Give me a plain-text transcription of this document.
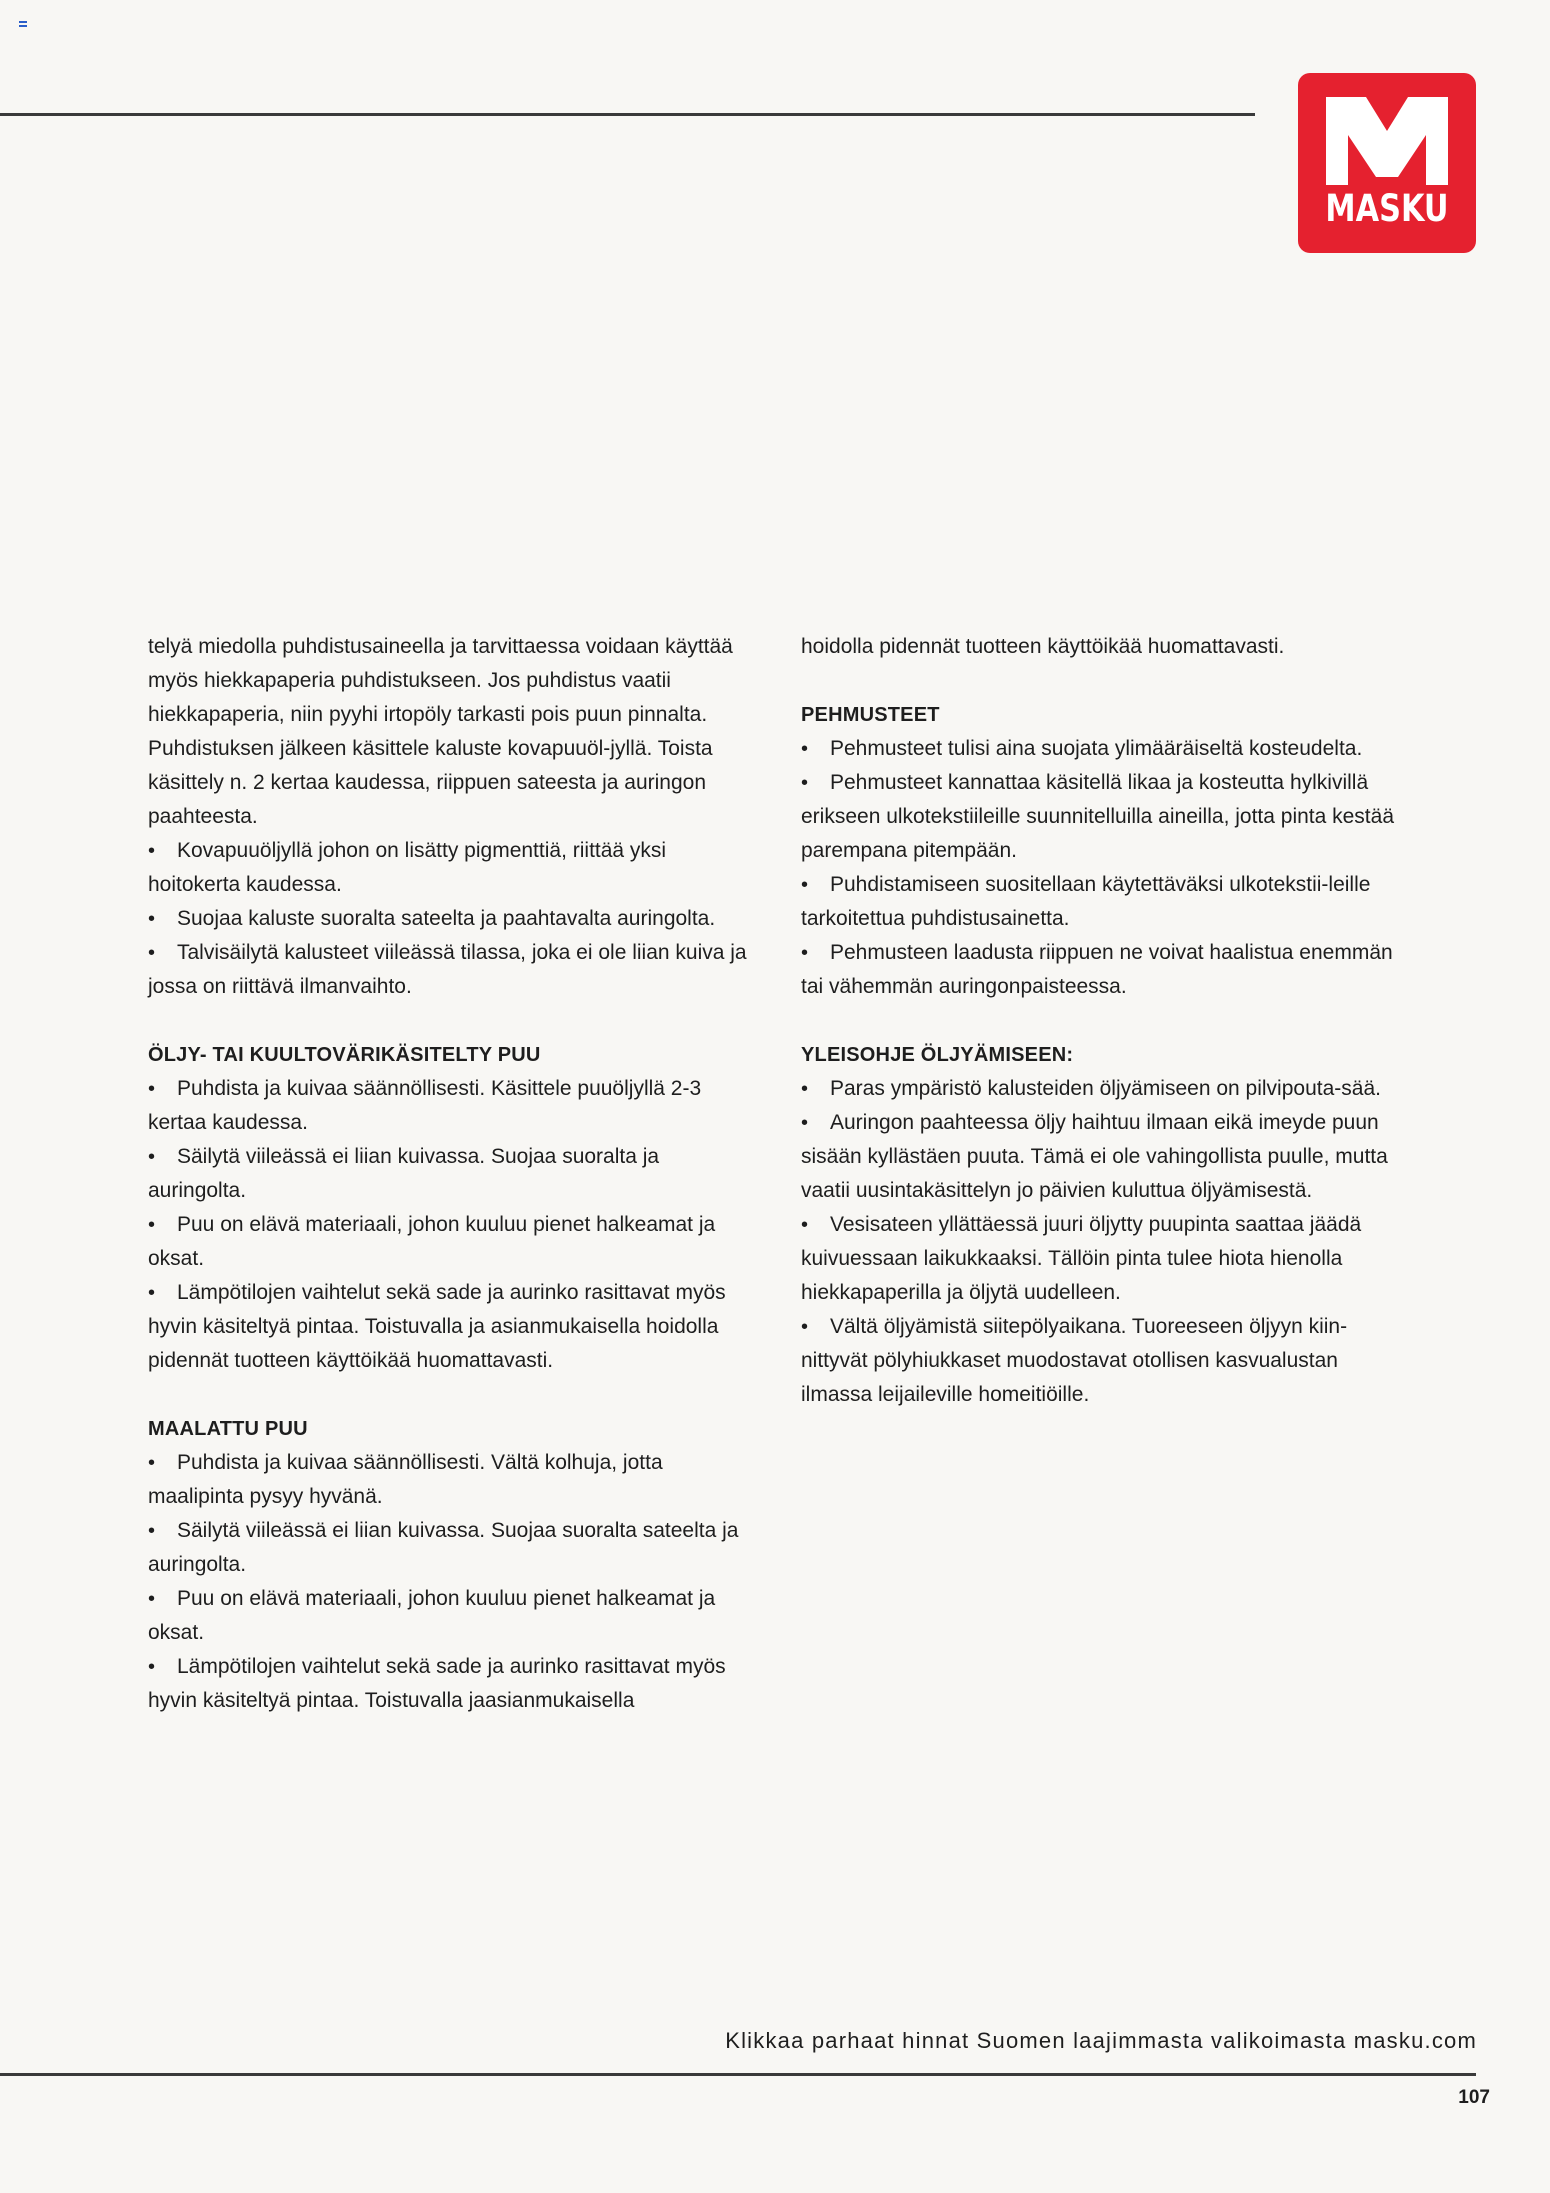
MASKU

telyä miedolla puhdistusaineella ja tarvittaessa voidaan käyttää myös hiekkapaperia puhdistukseen. Jos puhdistus vaatii hiekkapaperia, niin pyyhi irtopöly tarkasti pois puun pinnalta. Puhdistuksen jälkeen käsittele kaluste kovapuuöl-jyllä. Toista käsittely n. 2 kertaa kaudessa, riippuen sateesta ja auringon paahteesta.

• Kovapuuöljyllä johon on lisätty pigmenttiä, riittää yksi hoitokerta kaudessa.

• Suojaa kaluste suoralta sateelta ja paahtavalta auringolta.

• Talvisäilytä kalusteet viileässä tilassa, joka ei ole liian kuiva ja jossa on riittävä ilmanvaihto.

ÖLJY- TAI KUULTOVÄRIKÄSITELTY PUU

• Puhdista ja kuivaa säännöllisesti. Käsittele puuöljyllä 2-3 kertaa kaudessa.

• Säilytä viileässä ei liian kuivassa. Suojaa suoralta ja auringolta.

• Puu on elävä materiaali, johon kuuluu pienet halkeamat ja oksat.

• Lämpötilojen vaihtelut sekä sade ja aurinko rasittavat myös hyvin käsiteltyä pintaa. Toistuvalla ja asianmukaisella hoidolla pidennät tuotteen käyttöikää huomattavasti.

MAALATTU PUU

• Puhdista ja kuivaa säännöllisesti. Vältä kolhuja, jotta maalipinta pysyy hyvänä.

• Säilytä viileässä ei liian kuivassa. Suojaa suoralta sateelta ja auringolta.

• Puu on elävä materiaali, johon kuuluu pienet halkeamat ja oksat.

• Lämpötilojen vaihtelut sekä sade ja aurinko rasittavat myös hyvin käsiteltyä pintaa. Toistuvalla jaasianmukaisella

hoidolla pidennät tuotteen käyttöikää huomattavasti.

PEHMUSTEET

• Pehmusteet tulisi aina suojata ylimääräiseltä kosteudelta.

• Pehmusteet kannattaa käsitellä likaa ja kosteutta hylkivillä erikseen ulkotekstiileille suunnitelluilla aineilla, jotta pinta kestää parempana pitempään.

• Puhdistamiseen suositellaan käytettäväksi ulkotekstii-leille tarkoitettua puhdistusainetta.

• Pehmusteen laadusta riippuen ne voivat haalistua enemmän tai vähemmän auringonpaisteessa.

YLEISOHJE ÖLJYÄMISEEN:

• Paras ympäristö kalusteiden öljyämiseen on pilvipouta-sää.

• Auringon paahteessa öljy haihtuu ilmaan eikä imeyde puun sisään kyllästäen puuta. Tämä ei ole vahingollista puulle, mutta vaatii uusintakäsittelyn jo päivien kuluttua öljyämisestä.

• Vesisateen yllättäessä juuri öljytty puupinta saattaa jäädä kuivuessaan laikukkaaksi. Tällöin pinta tulee hiota hienolla hiekkapaperilla ja öljytä uudelleen.

• Vältä öljyämistä siitepölyaikana. Tuoreeseen öljyyn kiin-nittyvät pölyhiukkaset muodostavat otollisen kasvualustan ilmassa leijaileville homeitiöille.

Klikkaa parhaat hinnat Suomen laajimmasta valikoimasta masku.com
107
